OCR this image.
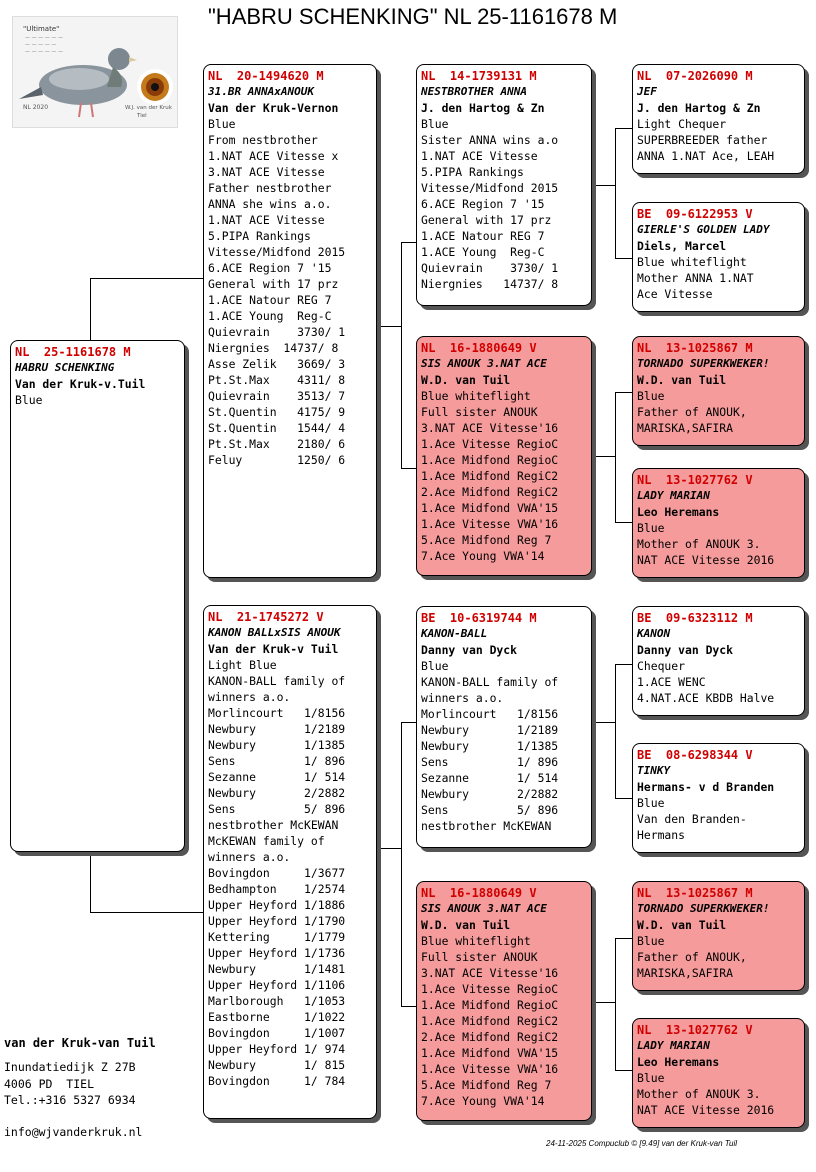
"HABRU SCHENKING" NL 25-1161678 M
"Ultimate"
— — — — — —
— — — — —
— — — — — —
NL 2020	W.J. van der Kruk
Tiel
NL  25-1161678 M
HABRU SCHENKING
Van der Kruk-v.Tuil
Blue
NL  20-1494620 M
31.BR ANNAxANOUK
Van der Kruk-Vernon
Blue
From nestbrother
1.NAT ACE Vitesse x
3.NAT ACE Vitesse
Father nestbrother
ANNA she wins a.o.
1.NAT ACE Vitesse
5.PIPA Rankings
Vitesse/Midfond 2015
6.ACE Region 7 '15
General with 17 prz
1.ACE Natour REG 7
1.ACE Young  Reg-C
Quievrain    3730/ 1
Niergnies  14737/ 8
Asse Zelik   3669/ 3
Pt.St.Max    4311/ 8
Quievrain    3513/ 7
St.Quentin   4175/ 9
St.Quentin   1544/ 4
Pt.St.Max    2180/ 6
Feluy        1250/ 6
NL  21-1745272 V
KANON BALLxSIS ANOUK
Van der Kruk-v Tuil
Light Blue
KANON-BALL family of
winners a.o.
Morlincourt   1/8156
Newbury       1/2189
Newbury       1/1385
Sens          1/ 896
Sezanne       1/ 514
Newbury       2/2882
Sens          5/ 896
nestbrother McKEWAN
McKEWAN family of
winners a.o.
Bovingdon     1/3677
Bedhampton    1/2574
Upper Heyford 1/1886
Upper Heyford 1/1790
Kettering     1/1779
Upper Heyford 1/1736
Newbury       1/1481
Upper Heyford 1/1106
Marlborough   1/1053
Eastborne     1/1022
Bovingdon     1/1007
Upper Heyford 1/ 974
Newbury       1/ 815
Bovingdon     1/ 784
NL  14-1739131 M
NESTBROTHER ANNA
J. den Hartog & Zn
Blue
Sister ANNA wins a.o
1.NAT ACE Vitesse
5.PIPA Rankings
Vitesse/Midfond 2015
6.ACE Region 7 '15
General with 17 prz
1.ACE Natour REG 7
1.ACE Young  Reg-C
Quievrain    3730/ 1
Niergnies   14737/ 8
NL  16-1880649 V
SIS ANOUK 3.NAT ACE
W.D. van Tuil
Blue whiteflight
Full sister ANOUK
3.NAT ACE Vitesse'16
1.Ace Vitesse RegioC
1.Ace Midfond RegioC
1.Ace Midfond RegiC2
2.Ace Midfond RegiC2
1.Ace Midfond VWA'15
1.Ace Vitesse VWA'16
5.Ace Midfond Reg 7
7.Ace Young VWA'14
BE  10-6319744 M
KANON-BALL
Danny van Dyck
Blue
KANON-BALL family of
winners a.o.
Morlincourt   1/8156
Newbury       1/2189
Newbury       1/1385
Sens          1/ 896
Sezanne       1/ 514
Newbury       2/2882
Sens          5/ 896
nestbrother McKEWAN
NL  16-1880649 V
SIS ANOUK 3.NAT ACE
W.D. van Tuil
Blue whiteflight
Full sister ANOUK
3.NAT ACE Vitesse'16
1.Ace Vitesse RegioC
1.Ace Midfond RegioC
1.Ace Midfond RegiC2
2.Ace Midfond RegiC2
1.Ace Midfond VWA'15
1.Ace Vitesse VWA'16
5.Ace Midfond Reg 7
7.Ace Young VWA'14
NL  07-2026090 M
JEF
J. den Hartog & Zn
Light Chequer
SUPERBREEDER father
ANNA 1.NAT Ace, LEAH
BE  09-6122953 V
GIERLE'S GOLDEN LADY
Diels, Marcel
Blue whiteflight
Mother ANNA 1.NAT
Ace Vitesse
NL  13-1025867 M
TORNADO SUPERKWEKER!
W.D. van Tuil
Blue
Father of ANOUK,
MARISKA,SAFIRA
NL  13-1027762 V
LADY MARIAN
Leo Heremans
Blue
Mother of ANOUK 3.
NAT ACE Vitesse 2016
BE  09-6323112 M
KANON
Danny van Dyck
Chequer
1.ACE WENC
4.NAT.ACE KBDB Halve
BE  08-6298344 V
TINKY
Hermans- v d Branden
Blue
Van den Branden-
Hermans
NL  13-1025867 M
TORNADO SUPERKWEKER!
W.D. van Tuil
Blue
Father of ANOUK,
MARISKA,SAFIRA
NL  13-1027762 V
LADY MARIAN
Leo Heremans
Blue
Mother of ANOUK 3.
NAT ACE Vitesse 2016
van der Kruk-van Tuil
Inundatiedijk Z 27B
4006 PD  TIEL
Tel.:+316 5327 6934
info@wjvanderkruk.nl
24-11-2025 Compuclub © [9.49] van der Kruk-van Tuil
